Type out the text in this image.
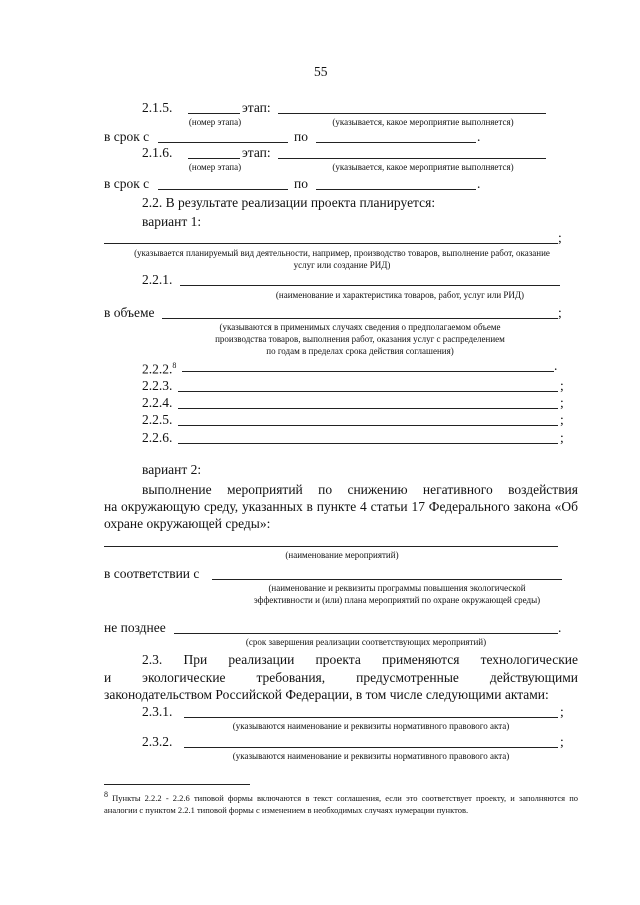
55
2.1.5.	этап:
(номер этапа)	(указывается, какое мероприятие выполняется)
в срок с	по	.
2.1.6.	этап:
(номер этапа)	(указывается, какое мероприятие выполняется)
в срок с	по	.
2.2. В результате реализации проекта планируется:
вариант 1:
;
(указывается планируемый вид деятельности, например, производство товаров, выполнение работ, оказание
услуг или создание РИД)
2.2.1.
(наименование и характеристика товаров, работ, услуг или РИД)
в объеме	;
(указываются в применимых случаях сведения о предполагаемом объеме
производства товаров, выполнения работ, оказания услуг с распределением
по годам в пределах срока действия соглашения)
2.2.2.$^8$	.
2.2.3.	;
2.2.4.	;
2.2.5.	;
2.2.6.	;
вариант 2:
выполнение мероприятий по снижению негативного воздействия
на окружающую среду, указанных в пункте 4 статьи 17 Федерального закона «Об
охране окружающей среды»:
(наименование мероприятий)
в соответствии с
(наименование и реквизиты программы повышения экологической
эффективности и (или) плана мероприятий по охране окружающей среды)
не позднее	.
(срок завершения реализации соответствующих мероприятий)
2.3. При реализации проекта применяются технологические
и экологические требования, предусмотренные действующими
законодательством Российской Федерации, в том числе следующими актами:
2.3.1.	;
(указываются наименование и реквизиты нормативного правового акта)
2.3.2.	;
(указываются наименование и реквизиты нормативного правового акта)
$^8$ Пункты 2.2.2 - 2.2.6 типовой формы включаются в текст соглашения, если это соответствует проекту, и заполняются по аналогии с пунктом 2.2.1 типовой формы с изменением в необходимых случаях нумерации пунктов.
